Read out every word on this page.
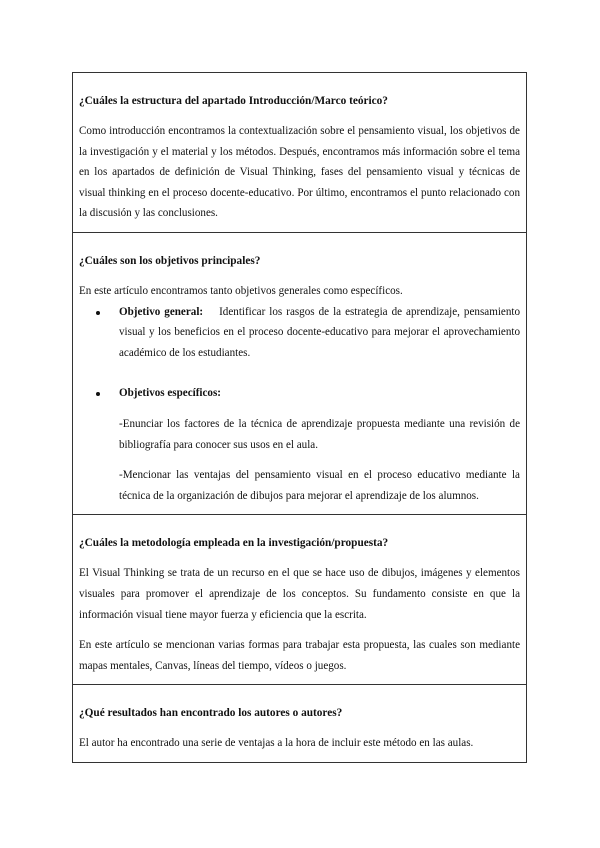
¿Cuáles la estructura del apartado Introducción/Marco teórico?

Como introducción encontramos la contextualización sobre el pensamiento visual, los objetivos de la investigación y el material y los métodos. Después, encontramos más información sobre el tema en los apartados de definición de Visual Thinking, fases del pensamiento visual y técnicas de visual thinking en el proceso docente-educativo. Por último, encontramos el punto relacionado con la discusión y las conclusiones.

¿Cuáles son los objetivos principales?

En este artículo encontramos tanto objetivos generales como específicos.

Objetivo general: Identificar los rasgos de la estrategia de aprendizaje, pensamiento visual y los beneficios en el proceso docente-educativo para mejorar el aprovechamiento académico de los estudiantes.
Objetivos específicos:
-Enunciar los factores de la técnica de aprendizaje propuesta mediante una revisión de bibliografía para conocer sus usos en el aula.
-Mencionar las ventajas del pensamiento visual en el proceso educativo mediante la técnica de la organización de dibujos para mejorar el aprendizaje de los alumnos.
¿Cuáles la metodología empleada en la investigación/propuesta?

El Visual Thinking se trata de un recurso en el que se hace uso de dibujos, imágenes y elementos visuales para promover el aprendizaje de los conceptos. Su fundamento consiste en que la información visual tiene mayor fuerza y eficiencia que la escrita.

En este artículo se mencionan varias formas para trabajar esta propuesta, las cuales son mediante mapas mentales, Canvas, líneas del tiempo, vídeos o juegos.

¿Qué resultados han encontrado los autores o autores?

El autor ha encontrado una serie de ventajas a la hora de incluir este método en las aulas.
